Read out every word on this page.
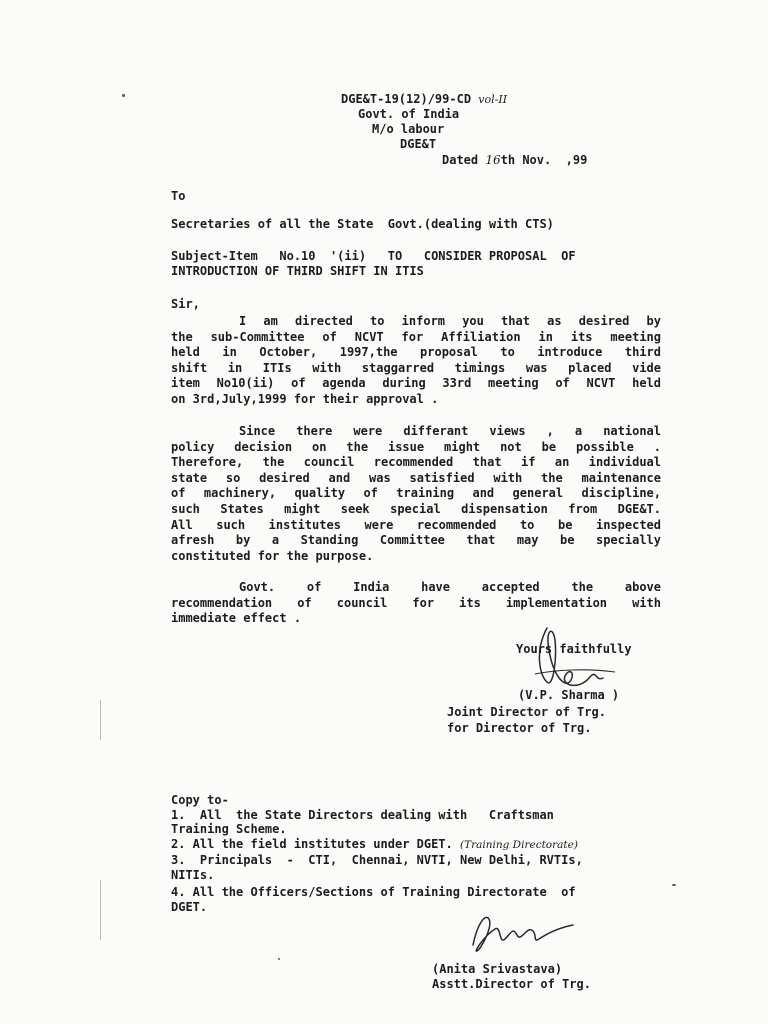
DGE&T-19(12)/99-CD vol-II
Govt. of India
M/o labour
DGE&T
Dated 16th Nov.  ,99
To
Secretaries of all the State  Govt.(dealing with CTS)
Subject-Item   No.10  '(ii)   TO   CONSIDER PROPOSAL  OF
INTRODUCTION OF THIRD SHIFT IN ITIS
Sir,
I am directed to inform you that as desired by
the sub-Committee of NCVT for Affiliation in its meeting
held in October, 1997,the proposal to introduce third
shift in ITIs with staggarred timings was placed vide
item No10(ii) of agenda during 33rd meeting of NCVT held
on 3rd,July,1999 for their approval .
Since there were differant views , a national
policy decision on the issue might not be possible .
Therefore, the council recommended that if an individual
state so desired and was satisfied with the maintenance
of machinery, quality of training and general discipline,
such States might seek special dispensation from DGE&T.
All such institutes were recommended to be inspected
afresh by a Standing Committee that may be specially
constituted for the purpose.
Govt. of India have accepted the above
recommendation of council for its implementation with
immediate effect .
Yours faithfully
(V.P. Sharma )
Joint Director of Trg.
for Director of Trg.
Copy to-
1.  All  the State Directors dealing with   Craftsman
Training Scheme.
2. All the field institutes under DGET. (Training Directorate)
3.  Principals  -  CTI,  Chennai, NVTI, New Delhi, RVTIs,
NITIs.
4. All the Officers/Sections of Training Directorate  of
DGET.
(Anita Srivastava)
Asstt.Director of Trg.
